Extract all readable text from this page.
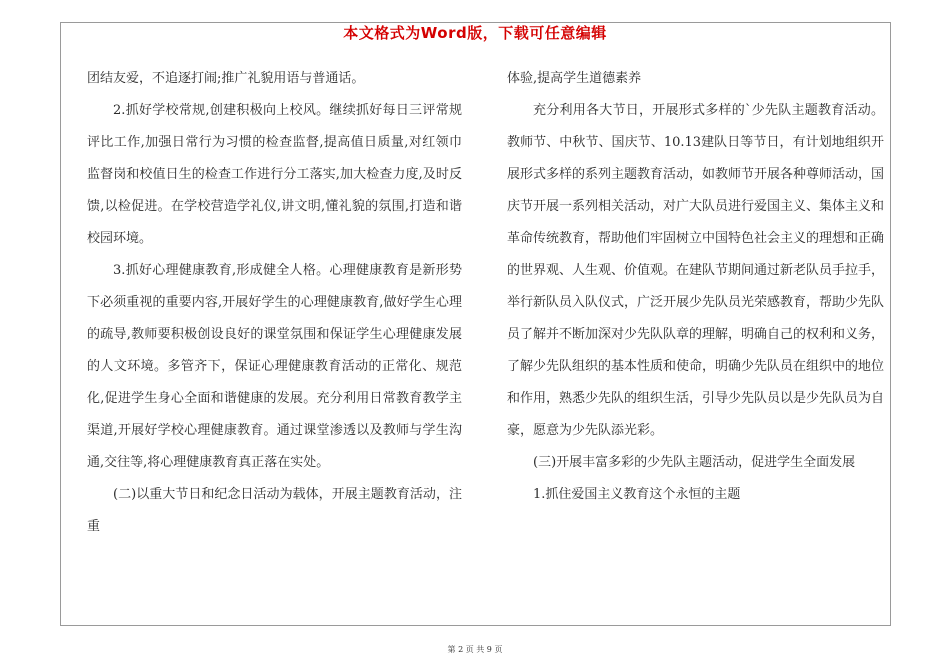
本文格式为Word版，下载可任意编辑

团结友爱，不追逐打闹;推广礼貌用语与普通话。

2.抓好学校常规,创建积极向上校风。继续抓好每日三评常规评比工作,加强日常行为习惯的检查监督,提高值日质量,对红领巾监督岗和校值日生的检查工作进行分工落实,加大检查力度,及时反馈,以检促进。在学校营造学礼仪,讲文明,懂礼貌的氛围,打造和谐校园环境。

3.抓好心理健康教育,形成健全人格。心理健康教育是新形势下必须重视的重要内容,开展好学生的心理健康教育,做好学生心理的疏导,教师要积极创设良好的课堂氛围和保证学生心理健康发展的人文环境。多管齐下，保证心理健康教育活动的正常化、规范化,促进学生身心全面和谐健康的发展。充分利用日常教育教学主渠道,开展好学校心理健康教育。通过课堂渗透以及教师与学生沟通,交往等,将心理健康教育真正落在实处。

(二)以重大节日和纪念日活动为载体，开展主题教育活动，注重

体验,提高学生道德素养

充分利用各大节日，开展形式多样的`少先队主题教育活动。教师节、中秋节、国庆节、10.13建队日等节日，有计划地组织开展形式多样的系列主题教育活动，如教师节开展各种尊师活动，国庆节开展一系列相关活动，对广大队员进行爱国主义、集体主义和革命传统教育，帮助他们牢固树立中国特色社会主义的理想和正确的世界观、人生观、价值观。在建队节期间通过新老队员手拉手，举行新队员入队仪式，广泛开展少先队员光荣感教育，帮助少先队员了解并不断加深对少先队队章的理解，明确自己的权利和义务，了解少先队组织的基本性质和使命，明确少先队员在组织中的地位和作用，熟悉少先队的组织生活，引导少先队员以是少先队员为自豪，愿意为少先队添光彩。

(三)开展丰富多彩的少先队主题活动，促进学生全面发展

1.抓住爱国主义教育这个永恒的主题

第 2 页 共 9 页
